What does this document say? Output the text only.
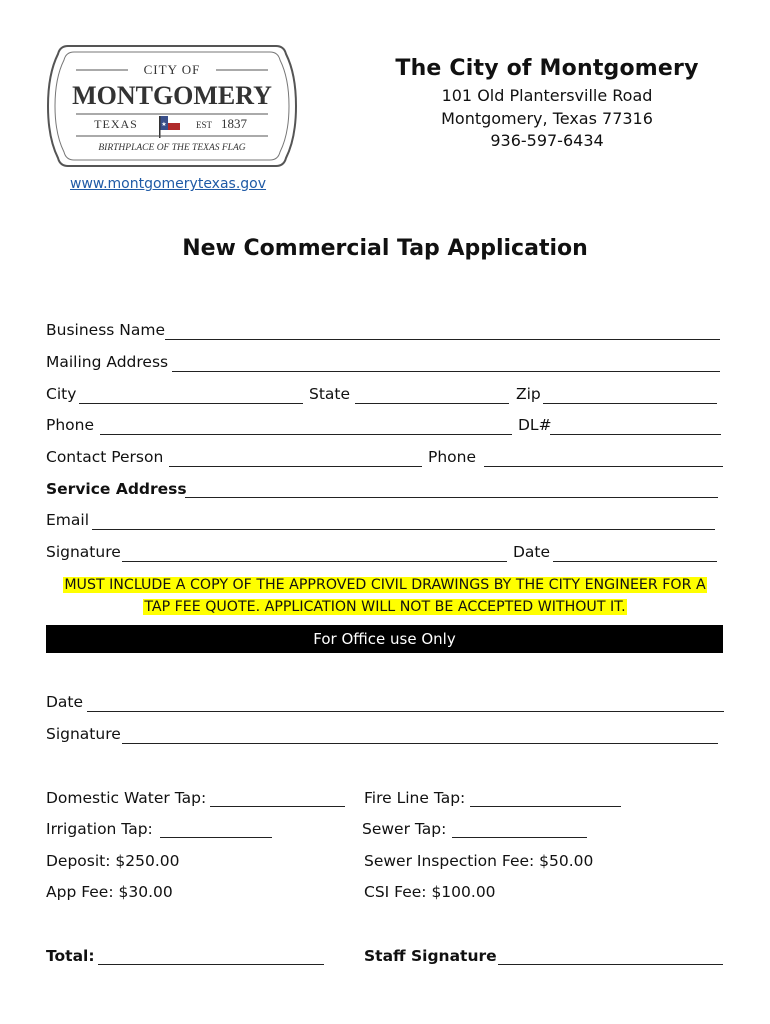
CITY OF
MONTGOMERY
TEXAS	★	EST 1837
BIRTHPLACE OF THE TEXAS FLAG
The City of Montgomery
101 Old Plantersville Road
Montgomery, Texas 77316
936-597-6434
www.montgomerytexas.gov
New Commercial Tap Application
Business Name
Mailing Address
City	State	Zip
Phone	DL#
Contact Person	Phone
Service Address
Email
Signature	Date
MUST INCLUDE A COPY OF THE APPROVED CIVIL DRAWINGS BY THE CITY ENGINEER FOR A
TAP FEE QUOTE. APPLICATION WILL NOT BE ACCEPTED WITHOUT IT.
For Office use Only
Date
Signature
Domestic Water Tap:	Fire Line Tap:
Irrigation Tap:	Sewer Tap:
Deposit: $250.00	Sewer Inspection Fee: $50.00
App Fee: $30.00	CSI Fee: $100.00
Total:	Staff Signature
